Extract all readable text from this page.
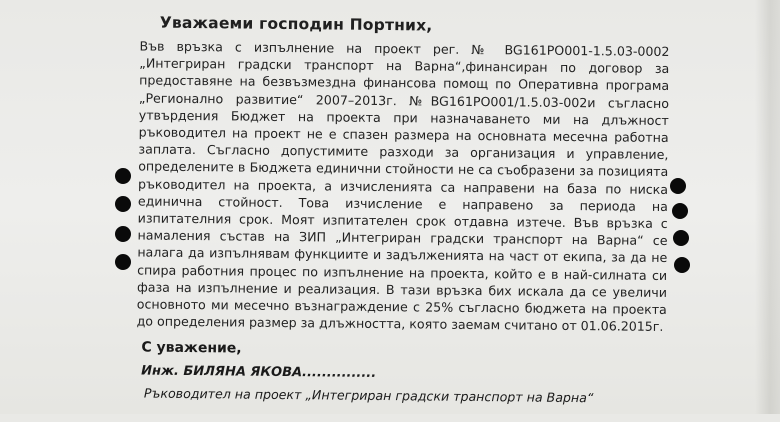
Уважаеми господин Портних,
Във връзка с изпълнение на проект рег. № BG161PO001-1.5.03-0002 „Интегриран градски транспорт на Варна“,финансиран по договор за предоставяне на безвъзмездна финансова помощ по Оперативна програма „Регионално развитие“ 2007–2013г. №BG161PO001/1.5.03-002и съгласно утвърдения Бюджет на проекта при назначаването ми на длъжност ръководител на проект не е спазен размера на основната месечна работна заплата. Съгласно допустимите разходи за организация и управление, определените в Бюджета единични стойности не са съобразени за позицията ръководител на проекта, а изчисленията са направени на база по ниска единична стойност. Това изчисление е направено за периода на изпитателния срок. Моят изпитателен срок отдавна изтече. Във връзка с намаления състав на ЗИП „Интегриран градски транспорт на Варна“ се налага да изпълнявам функциите и задълженията на част от екипа, за да не спира работния процес по изпълнение на проекта, който е в най-силната си фаза на изпълнение и реализация. В тази връзка бих искала да се увеличи основното ми месечно възнаграждение с 25% съгласно бюджета на проекта до определения размер за длъжността, която заемам считано от 01.06.2015г.
С уважение,
Инж. БИЛЯНА ЯКОВА...............
Ръководител на проект „Интегриран градски транспорт на Варна“
